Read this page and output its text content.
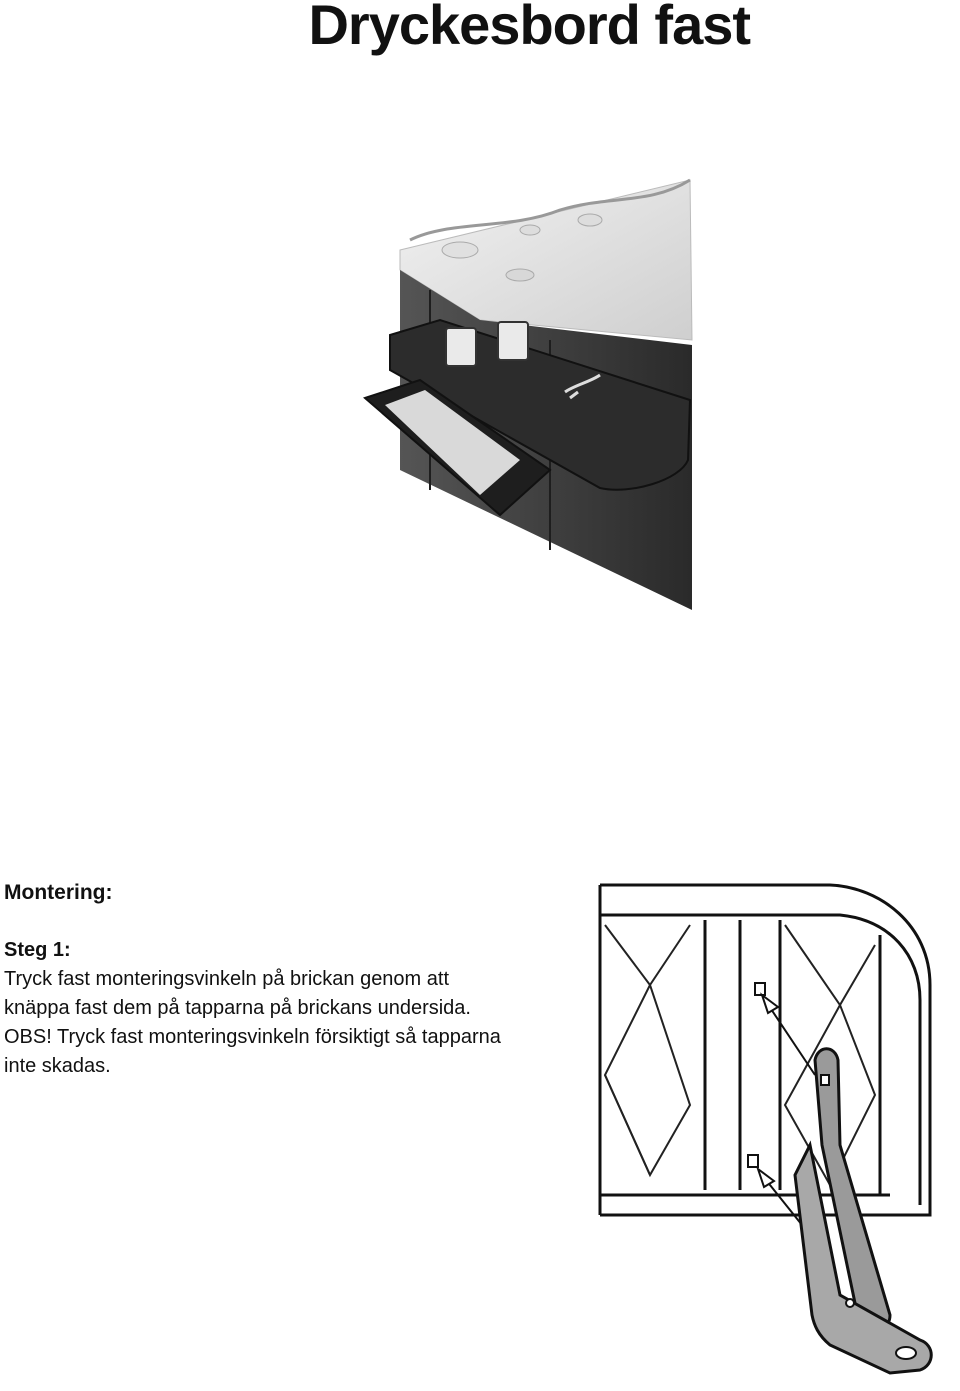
Dryckesbord fast
Montering:
Steg 1:
Tryck fast monteringsvinkeln på brickan genom att
knäppa fast dem på tapparna på brickans undersida.
OBS! Tryck fast monteringsvinkeln försiktigt så tapparna
inte skadas.
